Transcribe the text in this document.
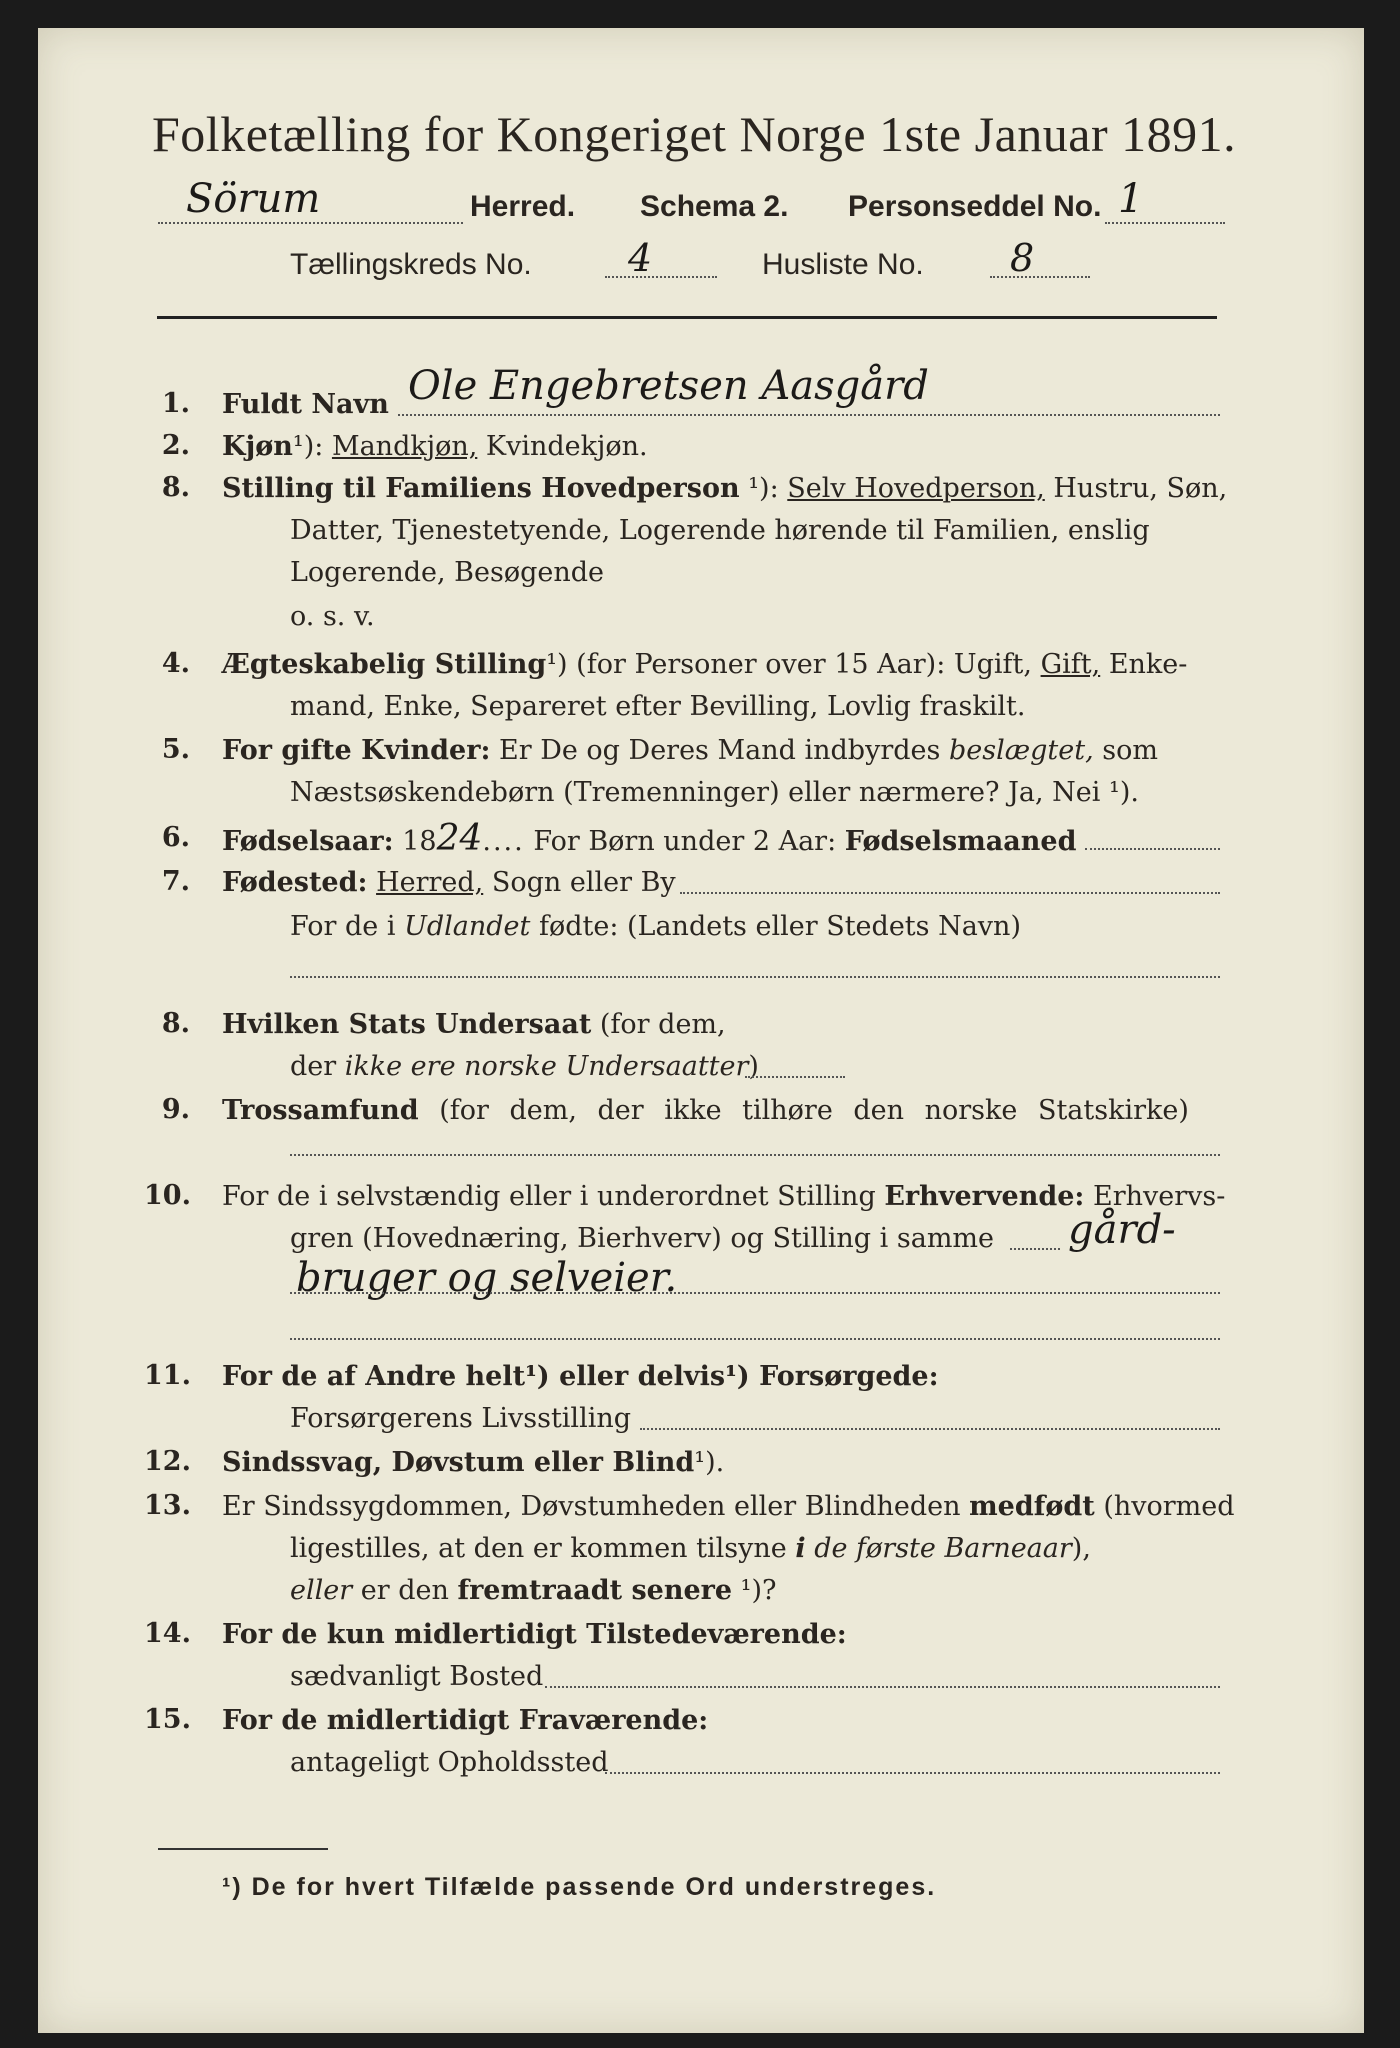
Folketælling for Kongeriget Norge 1ste Januar 1891.
Sörum	Herred. Schema 2. Personseddel No. 1
Tællingskreds No.	4	Husliste No. 8
1. Fuldt Navn Ole Engebretsen Aasgård
2. Kjøn¹): Mandkjøn, Kvindekjøn.
8. Stilling til Familiens Hovedperson ¹): Selv Hovedperson, Hustru, Søn,
Datter, Tjenestetyende, Logerende hørende til Familien, enslig
Logerende, Besøgende
o. s. v.
4. Ægteskabelig Stilling¹) (for Personer over 15 Aar): Ugift, Gift, Enke-
mand, Enke, Separeret efter Bevilling, Lovlig fraskilt.
5. For gifte Kvinder: Er De og Deres Mand indbyrdes beslægtet, som
Næstsøskendebørn (Tremenninger) eller nærmere? Ja, Nei ¹).
6. Fødselsaar: 1824.... For Børn under 2 Aar: Fødselsmaaned
7. Fødested: Herred, Sogn eller By
For de i Udlandet fødte: (Landets eller Stedets Navn)
8. Hvilken Stats Undersaat (for dem,
der ikke ere norske Undersaatter)
9. Trossamfund (for dem, der ikke tilhøre den norske Statskirke)
10. For de i selvstændig eller i underordnet Stilling Erhvervende: Erhvervs-
gren (Hovednæring, Bierhverv) og Stilling i samme gård-
bruger og selveier.
11. For de af Andre helt¹) eller delvis¹) Forsørgede:
Forsørgerens Livsstilling
12. Sindssvag, Døvstum eller Blind¹).
13. Er Sindssygdommen, Døvstumheden eller Blindheden medfødt (hvormed
ligestilles, at den er kommen tilsyne i de første Barneaar),
eller er den fremtraadt senere ¹)?
14. For de kun midlertidigt Tilstedeværende:
sædvanligt Bosted
15. For de midlertidigt Fraværende:
antageligt Opholdssted
¹) De for hvert Tilfælde passende Ord understreges.
